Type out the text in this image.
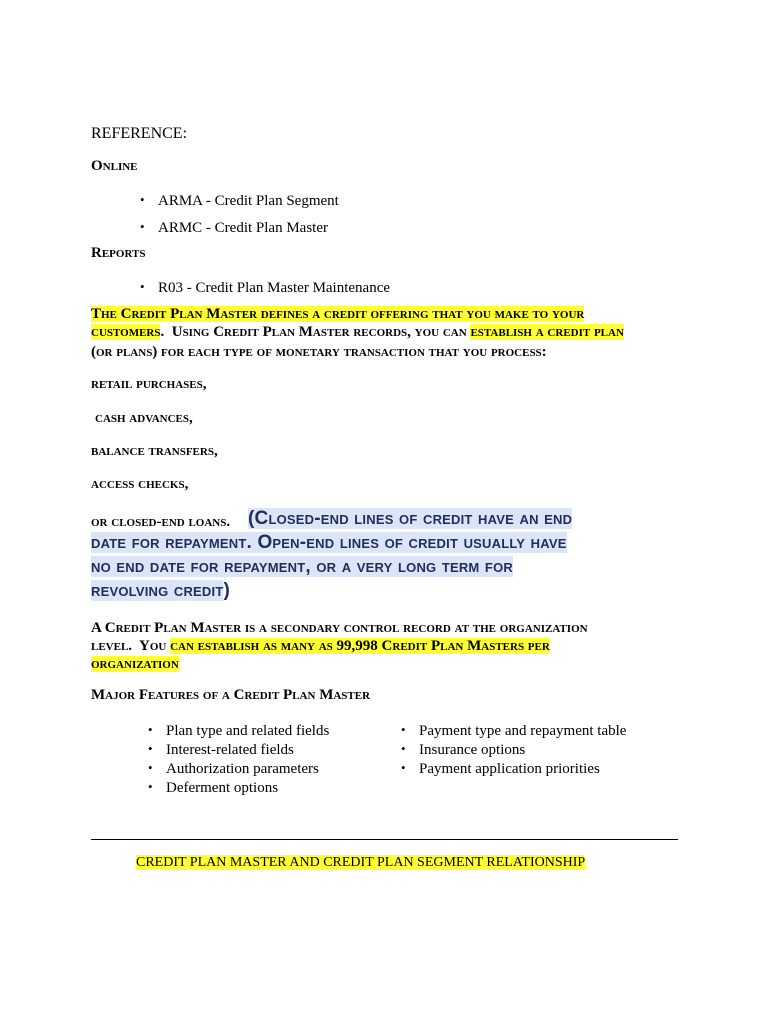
REFERENCE:
Online
• ARMA - Credit Plan Segment
• ARMC - Credit Plan Master
Reports
• R03 - Credit Plan Master Maintenance
The Credit Plan Master defines a credit offering that you make to your
customers.  Using Credit Plan Master records, you can establish a credit plan
(or plans) for each type of monetary transaction that you process:
retail purchases,
cash advances,
balance transfers,
access checks,
or closed-end loans. (Closed-end lines of credit have an end
date for repayment. Open-end lines of credit usually have
no end date for repayment, or a very long term for
revolving credit)
A Credit Plan Master is a secondary control record at the organization
level.  You can establish as many as 99,998 Credit Plan Masters per
organization
Major Features of a Credit Plan Master
• Plan type and related fields
• Interest-related fields
• Authorization parameters
• Deferment options
• Payment type and repayment table
• Insurance options
• Payment application priorities
CREDIT PLAN MASTER AND CREDIT PLAN SEGMENT RELATIONSHIP
